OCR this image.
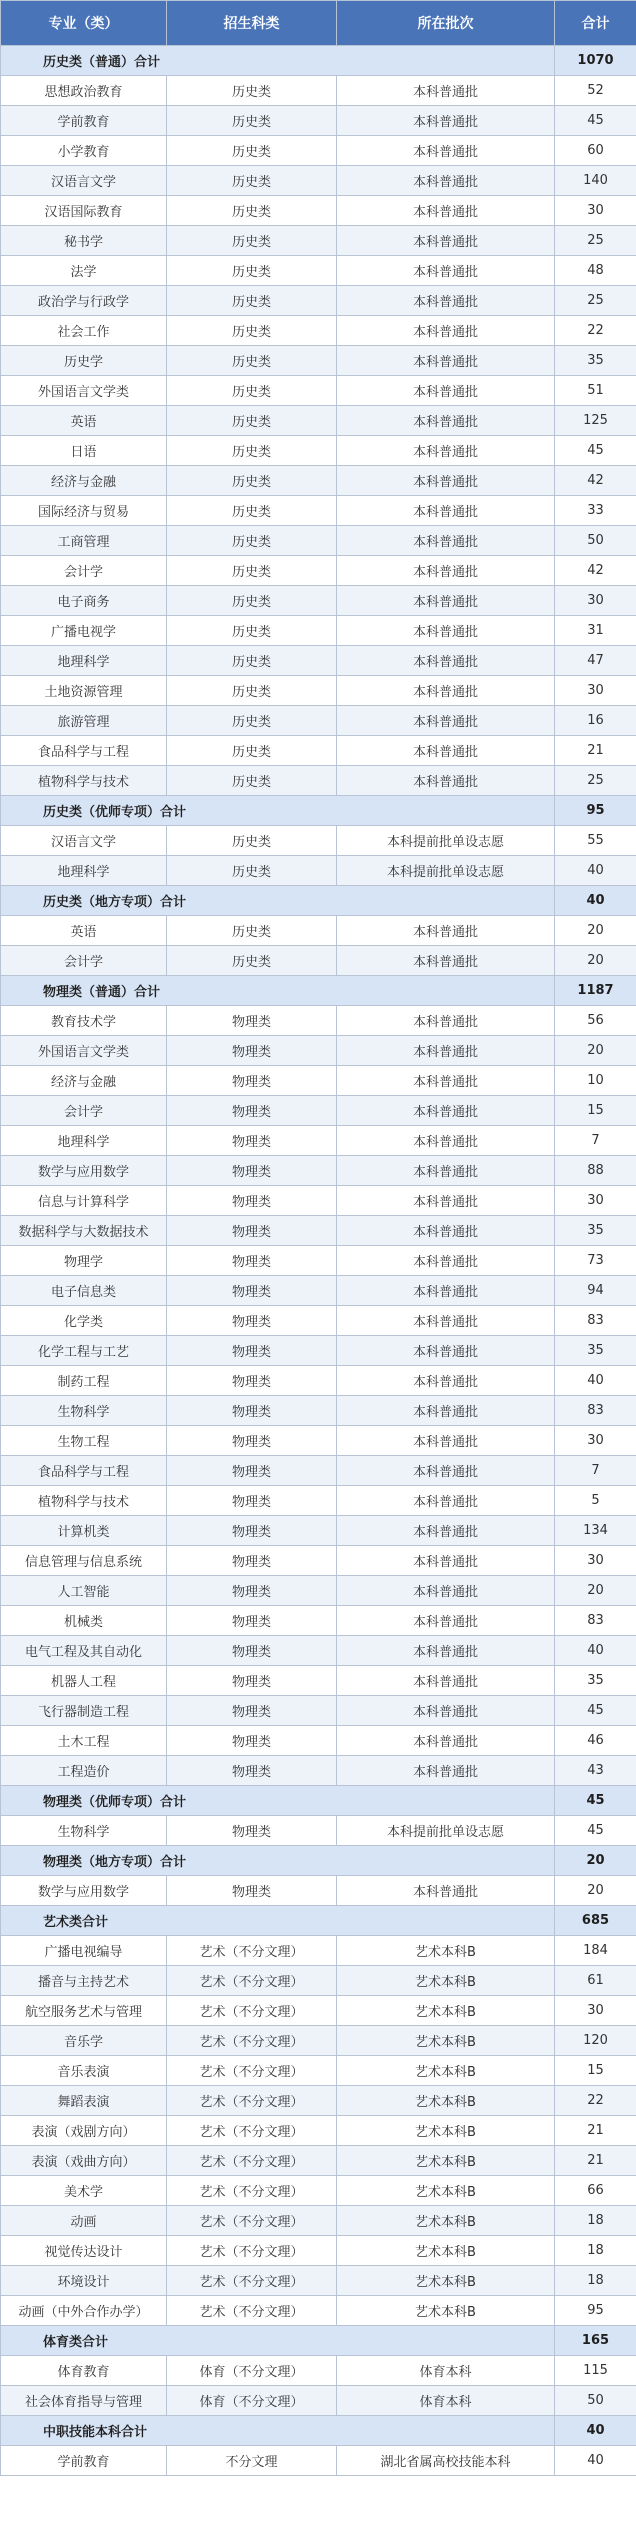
专业（类）	招生科类	所在批次	合计
历史类（普通）合计			1070
思想政治教育	历史类	本科普通批	52
学前教育	历史类	本科普通批	45
小学教育	历史类	本科普通批	60
汉语言文学	历史类	本科普通批	140
汉语国际教育	历史类	本科普通批	30
秘书学	历史类	本科普通批	25
法学	历史类	本科普通批	48
政治学与行政学	历史类	本科普通批	25
社会工作	历史类	本科普通批	22
历史学	历史类	本科普通批	35
外国语言文学类	历史类	本科普通批	51
英语	历史类	本科普通批	125
日语	历史类	本科普通批	45
经济与金融	历史类	本科普通批	42
国际经济与贸易	历史类	本科普通批	33
工商管理	历史类	本科普通批	50
会计学	历史类	本科普通批	42
电子商务	历史类	本科普通批	30
广播电视学	历史类	本科普通批	31
地理科学	历史类	本科普通批	47
土地资源管理	历史类	本科普通批	30
旅游管理	历史类	本科普通批	16
食品科学与工程	历史类	本科普通批	21
植物科学与技术	历史类	本科普通批	25
历史类（优师专项）合计			95
汉语言文学	历史类	本科提前批单设志愿	55
地理科学	历史类	本科提前批单设志愿	40
历史类（地方专项）合计			40
英语	历史类	本科普通批	20
会计学	历史类	本科普通批	20
物理类（普通）合计			1187
教育技术学	物理类	本科普通批	56
外国语言文学类	物理类	本科普通批	20
经济与金融	物理类	本科普通批	10
会计学	物理类	本科普通批	15
地理科学	物理类	本科普通批	7
数学与应用数学	物理类	本科普通批	88
信息与计算科学	物理类	本科普通批	30
数据科学与大数据技术	物理类	本科普通批	35
物理学	物理类	本科普通批	73
电子信息类	物理类	本科普通批	94
化学类	物理类	本科普通批	83
化学工程与工艺	物理类	本科普通批	35
制药工程	物理类	本科普通批	40
生物科学	物理类	本科普通批	83
生物工程	物理类	本科普通批	30
食品科学与工程	物理类	本科普通批	7
植物科学与技术	物理类	本科普通批	5
计算机类	物理类	本科普通批	134
信息管理与信息系统	物理类	本科普通批	30
人工智能	物理类	本科普通批	20
机械类	物理类	本科普通批	83
电气工程及其自动化	物理类	本科普通批	40
机器人工程	物理类	本科普通批	35
飞行器制造工程	物理类	本科普通批	45
土木工程	物理类	本科普通批	46
工程造价	物理类	本科普通批	43
物理类（优师专项）合计			45
生物科学	物理类	本科提前批单设志愿	45
物理类（地方专项）合计			20
数学与应用数学	物理类	本科普通批	20
艺术类合计			685
广播电视编导	艺术（不分文理）	艺术本科B	184
播音与主持艺术	艺术（不分文理）	艺术本科B	61
航空服务艺术与管理	艺术（不分文理）	艺术本科B	30
音乐学	艺术（不分文理）	艺术本科B	120
音乐表演	艺术（不分文理）	艺术本科B	15
舞蹈表演	艺术（不分文理）	艺术本科B	22
表演（戏剧方向）	艺术（不分文理）	艺术本科B	21
表演（戏曲方向）	艺术（不分文理）	艺术本科B	21
美术学	艺术（不分文理）	艺术本科B	66
动画	艺术（不分文理）	艺术本科B	18
视觉传达设计	艺术（不分文理）	艺术本科B	18
环境设计	艺术（不分文理）	艺术本科B	18
动画（中外合作办学）	艺术（不分文理）	艺术本科B	95
体育类合计			165
体育教育	体育（不分文理）	体育本科	115
社会体育指导与管理	体育（不分文理）	体育本科	50
中职技能本科合计			40
学前教育	不分文理	湖北省属高校技能本科	40
